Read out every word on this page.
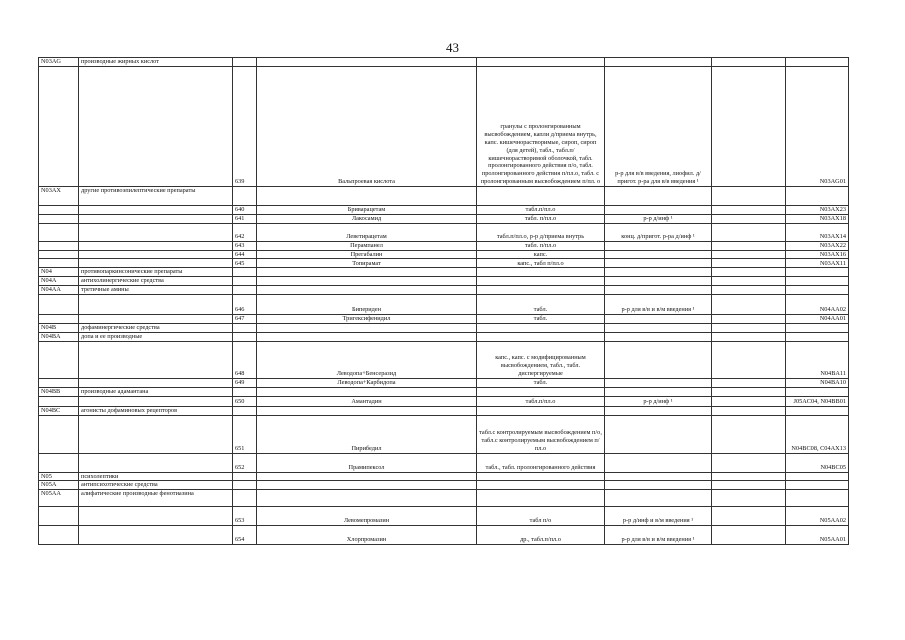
43
N03AG	производные жирных кислот						
		639	Вальпроевая кислота	гранулы с пролонгированным высвобождением, капли д/приема внутрь, капс. кишечнорастворимые, сироп, сироп (для детей), табл., табл.п/кишечнорастворимой оболочкой, табл. пролонгированного действия п/о, табл. пролонгированного действия п/пл.о, табл. с пролонгированным высвобождением п/пл. о	р-р для в/в введения, лиофил. д/пригот. р-ра для в/в введения ¹		N03AG01
N03AX	другие противоэпилептические препараты						
		640	Бриварацетам	табл.п/пл.о			N03AX23
		641	Лакосамид	табл. п/пл.о	р-р д/инф ¹		N03AX18
		642	Леветирацетам	табл.п/пл.о, р-р д/приема внутрь	конц. д/пригот. р-ра д/инф ¹		N03AX14
		643	Перампанел	табл. п/пл.о			N03AX22
		644	Прегабалин	капс.			N03AX16
		645	Топирамат	капс., табл п/пл.о			N03AX11
N04	противопаркинсонические препараты						
N04A	антихолинергические средства						
N04AA	третичные амины						
		646	Бипериден	табл.	р-р для в/в и в/м введения ¹		N04AA02
		647	Тригексифенидил	табл.			N04AA01
N04B	дофаминергические средства						
N04BA	допа и ее производные						
		648	Леводопа+Бенсеразид	капс., капс. с модифицированным высвобождением, табл., табл. диспергируемые			N04BA11
		649	Леводопа+Карбидопа	табл.			N04BA10
N04BB	производные адамантана						
		650	Амантадин	табл.п/пл.о	р-р д/инф ¹		J05AC04, N04BB01
N04BC	агонисты дофаминовых рецепторов						
		651	Пирибедил	табл.с контролируемым высвобождением п/о, табл.с контролируемым высвобождением п/пл.о			N04BC08, C04AX13
		652	Прамипексол	табл., табл. пролонгированного действия			N04BC05
N05	психолептики						
N05A	антипсихотические средства						
N05AA	алифатические производные фенотиазина						
		653	Левомепромазин	табл п/о	р-р д/инф и в/м введения ¹		N05AA02
		654	Хлорпромазин	др., табл.п/пл.о	р-р для в/в и в/м введения ¹		N05AA01
